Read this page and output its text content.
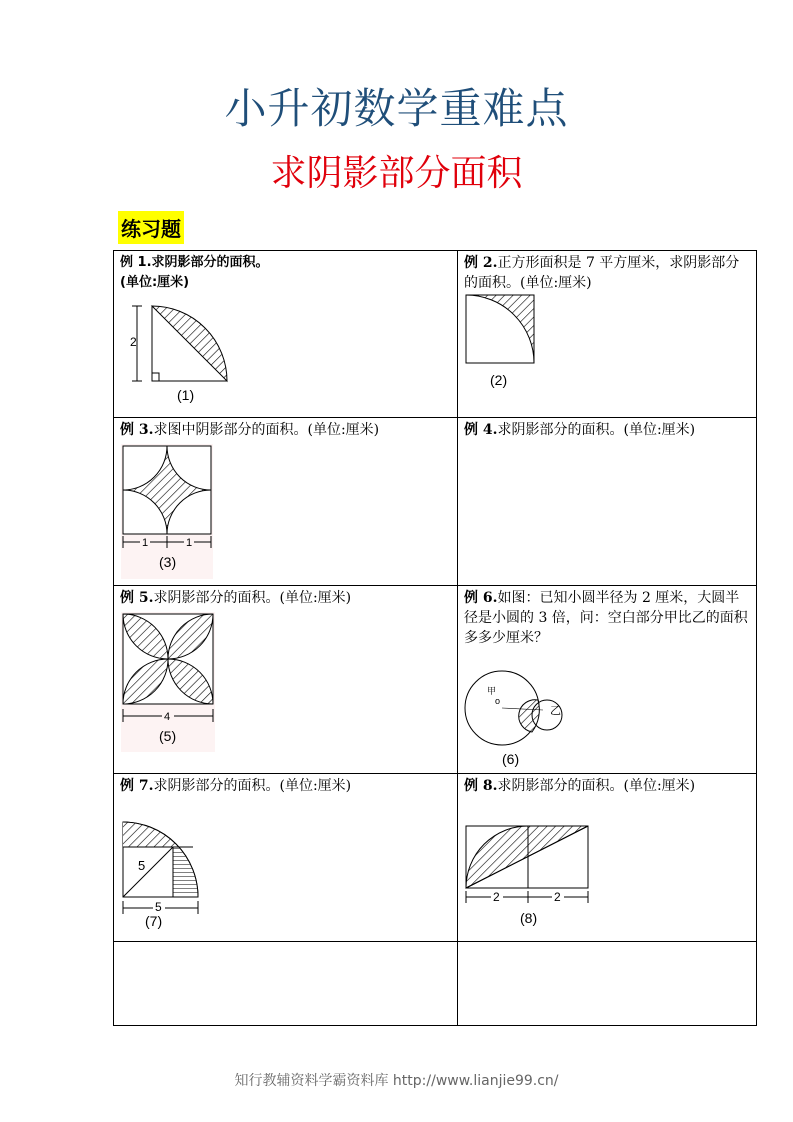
小升初数学重难点
求阴影部分面积
练习题
例 1.求阴影部分的面积。
(单位:厘米)
2
(1)	例 2.正方形面积是 7 平方厘米，求阴影部分的面积。(单位:厘米)
(2)

例 3.求图中阴影部分的面积。(单位:厘米)
1 1
(3)	例 4.求阴影部分的面积。(单位:厘米)

例 5.求阴影部分的面积。(单位:厘米)
4
(5)	例 6.如图：已知小圆半径为 2 厘米，大圆半径是小圆的 3 倍，问：空白部分甲比乙的面积多多少厘米？
甲
o
乙
(6)

例 7.求阴影部分的面积。(单位:厘米)
5
5
(7)	例 8.求阴影部分的面积。(单位:厘米)
2 2
(8)

知行教辅资料学霸资料库 http://www.lianjie99.cn/
